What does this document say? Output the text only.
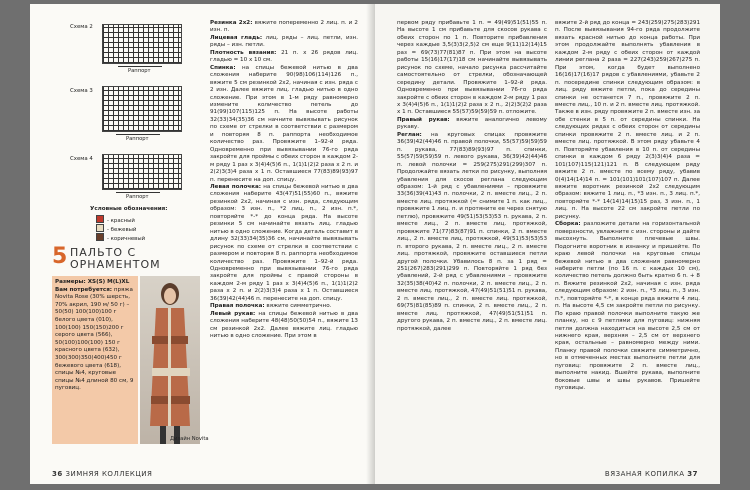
Схема 2
Раппорт
Схема 3
Раппорт
Схема 4
Раппорт
Условные обозначения:
- красный
- бежевый
- коричневый
5 ПАЛЬТО С ОРНАМЕНТОМ
Размеры: XS(S) M(L)XL
Вам потребуется: пряжа Novita Rose (30% шерсть, 70% акрил, 190 м/ 50 г) – 50(50) 100(100)100 г белого цвета (010), 100(100) 150(150)200 г серого цвета (566), 50(100)100(100) 150 г красного цвета (632), 300(300)350(400)450 г бежевого цвета (618), спицы №4, круговые спицы №4 длиной 80 см, 9 пуговиц.
Дизайн Novita

Резинка 2х2: вяжите попеременно 2 лиц. п. и 2 изн. п.

Лицевая гладь: лиц. ряды – лиц. петли, изн. ряды – изн. петли.

Плотность вязания: 21 п. х 26 рядов лиц. гладью = 10 х 10 см.

Спинка: на спицы бежевой нитью в два сложения наберите 90(98)106(114)126 п., вяжите 5 см резинкой 2х2, начиная с изн. ряда с 2 изн. Далее вяжите лиц. гладью нитью в одно сложение. При этом в 1-м ряду равномерно измените количество петель до 91(99)107(115)125 п. На высоте работы 32(33)34(35)36 см начните вывязывать рисунок по схеме от стрелки в соответствии с размером и повторяя 8 п. раппорта необходимое количество раз. Провяжите 1–92-й ряда. Одновременно при вывязывании 76-го ряда закройте для проймы с обеих сторон в каждом 2-м ряду 1 раз x 3(4)4(5)6 п., 1(1)1(2)2 раза x 2 п. и 2(2)3(3)4 раза x 1 п. Оставшиеся 77(83)89(93)97 п. перенесите на доп. спицу.

Левая полочка: на спицы бежевой нитью в два сложения наберите 43(47)51(55)60 п., вяжите резинкой 2х2, начиная с изн. ряда, следующим образом: 3 изн. п., *2 лиц. п., 2 изн. п.*, повторяйте *-* до конца ряда. На высоте резинки 5 см начинайте вязать лиц. гладью нитью в одно сложение. Когда деталь составит в длину 32(33)34(35)36 см, начинайте вывязывать рисунок по схеме от стрелки в соответствии с размером и повторяя 8 п. раппорта необходимое количество раз. Провяжите 1–92-й ряда. Одновременно при вывязывании 76-го ряда закройте для проймы с правой стороны в каждом 2-м ряду 1 раз x 3(4)4(5)6 п., 1(1)1(2)2 раза x 2 п. и 2(2)3(3)4 раза x 1 п. Оставшиеся 36(39)42(44)46 п. перенесите на доп. спицу.

Правая полочка: вяжите симметрично.

Левый рукав: на спицы бежевой нитью в два сложения наберите 48(48)50(50)54 п., вяжите 13 см резинкой 2х2. Далее вяжите лиц. гладью нитью в одно сложение. При этом в

36 ЗИМНЯЯ КОЛЛЕКЦИЯ

первом ряду прибавьте 1 п. = 49(49)51(51)55 п. На высоте 1 см прибавьте для скосов рукава с обеих сторон по 1 п. Повторите прибавления через каждые 3,5(3)3(2,5)2 см еще 9(11)12(14)15 раз = 69(73)77(81)87 п. При этом на высоте работы 15(16)17(17)18 см начинайте вывязывать рисунок по схеме, начало рисунка рассчитайте самостоятельно от стрелки, обозначающей середину детали. Провяжите 1–92-й ряда. Одновременно при вывязывании 76-го ряда закройте с обеих сторон в каждом 2-м ряду 1 раз x 3(4)4(5)6 п., 1(1)1(2)2 раза x 2 п., 2(2)3(2)2 раза x 1 п. Оставшиеся 55(57)59(59)59 п. отложите.

Правый рукав: вяжите аналогично левому рукаву.

Реглан: на круговых спицах провяжите 36(39)42(44)46 п. правой полочки, 55(57)59(59)59 п. рукава, 77(83)89(93)97 п. спинки, 55(57)59(59)59 п. левого рукава, 36(39)42(44)46 п. левой полочки = 259(275)291(299)307 п. Продолжайте вязать летки по рисунку, выполняя убавления для скосов реглана следующим образом: 1-й ряд с убавлениями – провяжите 33(36)39(41)43 п. полочки, 2 п. вместе лиц., 2 п. вместе лиц. протяжкой (= снимите 1 п. как лиц., провяжите 1 лиц. п. и протяните ее через снятую петлю), провяжите 49(51)53(53)53 п. рукава, 2 п. вместе лиц., 2 п. вместе лиц. протяжкой, провяжите 71(77)83(87)91 п. спинки, 2 п. вместе лиц., 2 п. вместе лиц. протяжкой, 49(51)53(53)53 п. второго рукава, 2 п. вместе лиц., 2 п. вместе лиц. протяжкой, провяжите оставшиеся петли другой полочки. Убавилось 8 п. за 1 ряд = 251(267)283(291)299 п. Повторяйте 1 ряд без убавлений, 2-й ряд с убавлениями – провяжите 32(35)38(40)42 п. полочки, 2 п. вместе лиц., 2 п. вместе лиц. протяжкой, 47(49)51(51)51 п. рукава, 2 п. вместе лиц., 2 п. вместе лиц. протяжкой, 69(75)81(85)89 п. спинки, 2 п. вместе лиц., 2 п. вместе лиц. протяжкой, 47(49)51(51)51 п. другого рукава, 2 п. вместе лиц., 2 п. вместе лиц. протяжкой, далее

вяжите 2-й ряд до конца = 243(259)275(283)291 п. После вывязывания 94-го ряда продолжите вязать красной нитью до конца работы. При этом продолжайте выполнять убавления в каждом 2-м ряду с обеих сторон от каждой линии реглана 2 раза = 227(243)259(267)275 п. При этом, когда будет выполнено 16(16)17(16)17 рядов с убавлениями, убавьте 2 п. посередине спинки следующим образом: в лиц. ряду вяжите петли, пока до середины спинки не останется 7 п., провяжите 2 п. вместе лиц., 10 п. и 2 п. вместе лиц. протяжкой. Также в изн. ряду провяжите 2 п. вместе изн. за обе стенки в 5 п. от середины спинки. На следующих рядах с обеих сторон от середины спинки провяжите 2 п. вместе лиц. и 2 п. вместе лиц. протяжкой. В этом ряду убавьте 4 п. Повторяйте убавления в 10 п. от середины спинки в каждом 6 ряду 2(3)3(4)4 раза = 101(107)115(121)121 п. В следующем ряду вяжите 2 п. вместе по всему ряду, убавив 0(4)14(14)14 п. = 101(101)101(107)107 п. Далее вяжите воротник резинкой 2х2 следующим образом: вяжите 1 лиц. п., *3 изн. п., 3 лиц. п.*, повторяйте *-* 14(14)14(15)15 раз, 3 изн. п., 1 лиц. п. На высоте 22 см закройте петли по рисунку.

Сборка: разложите детали на горизонтальной поверхности, увлажните с изн. стороны и дайте высохнуть. Выполните плечевые швы. Подогните воротник в изнанку и пришейте. По краю левой полочки на круговые спицы бежевой нитью в два сложения равномерно наберите петли (по 16 п. с каждых 10 см), количество петель должно быть кратно 6 п. + 8 п. Вяжите резинкой 2х2, начиная с изн. ряда следующим образом: 2 изн. п., *3 лиц. п., 3 изн. п.*, повторяйте *-*, в конце ряда вяжите 4 лиц. п. На высоте 4,5 см закройте петли по рисунку. По краю правой полочки выполните такую же планку, но с 9 петлями для пуговиц: нижняя петля должна находиться на высоте 2,5 см от нижнего края, верхняя – 2,5 см от верхнего края, остальные – равномерно между ними. Планку правой полочки свяжите симметрично, но в отмеченных местах выполните петли для пуговиц: провяжите 2 п. вместе лиц., выполните накид. Вшейте рукава, выполните боковые швы и швы рукавов. Пришейте пуговицы.

ВЯЗАНАЯ КОПИЛКА 37
